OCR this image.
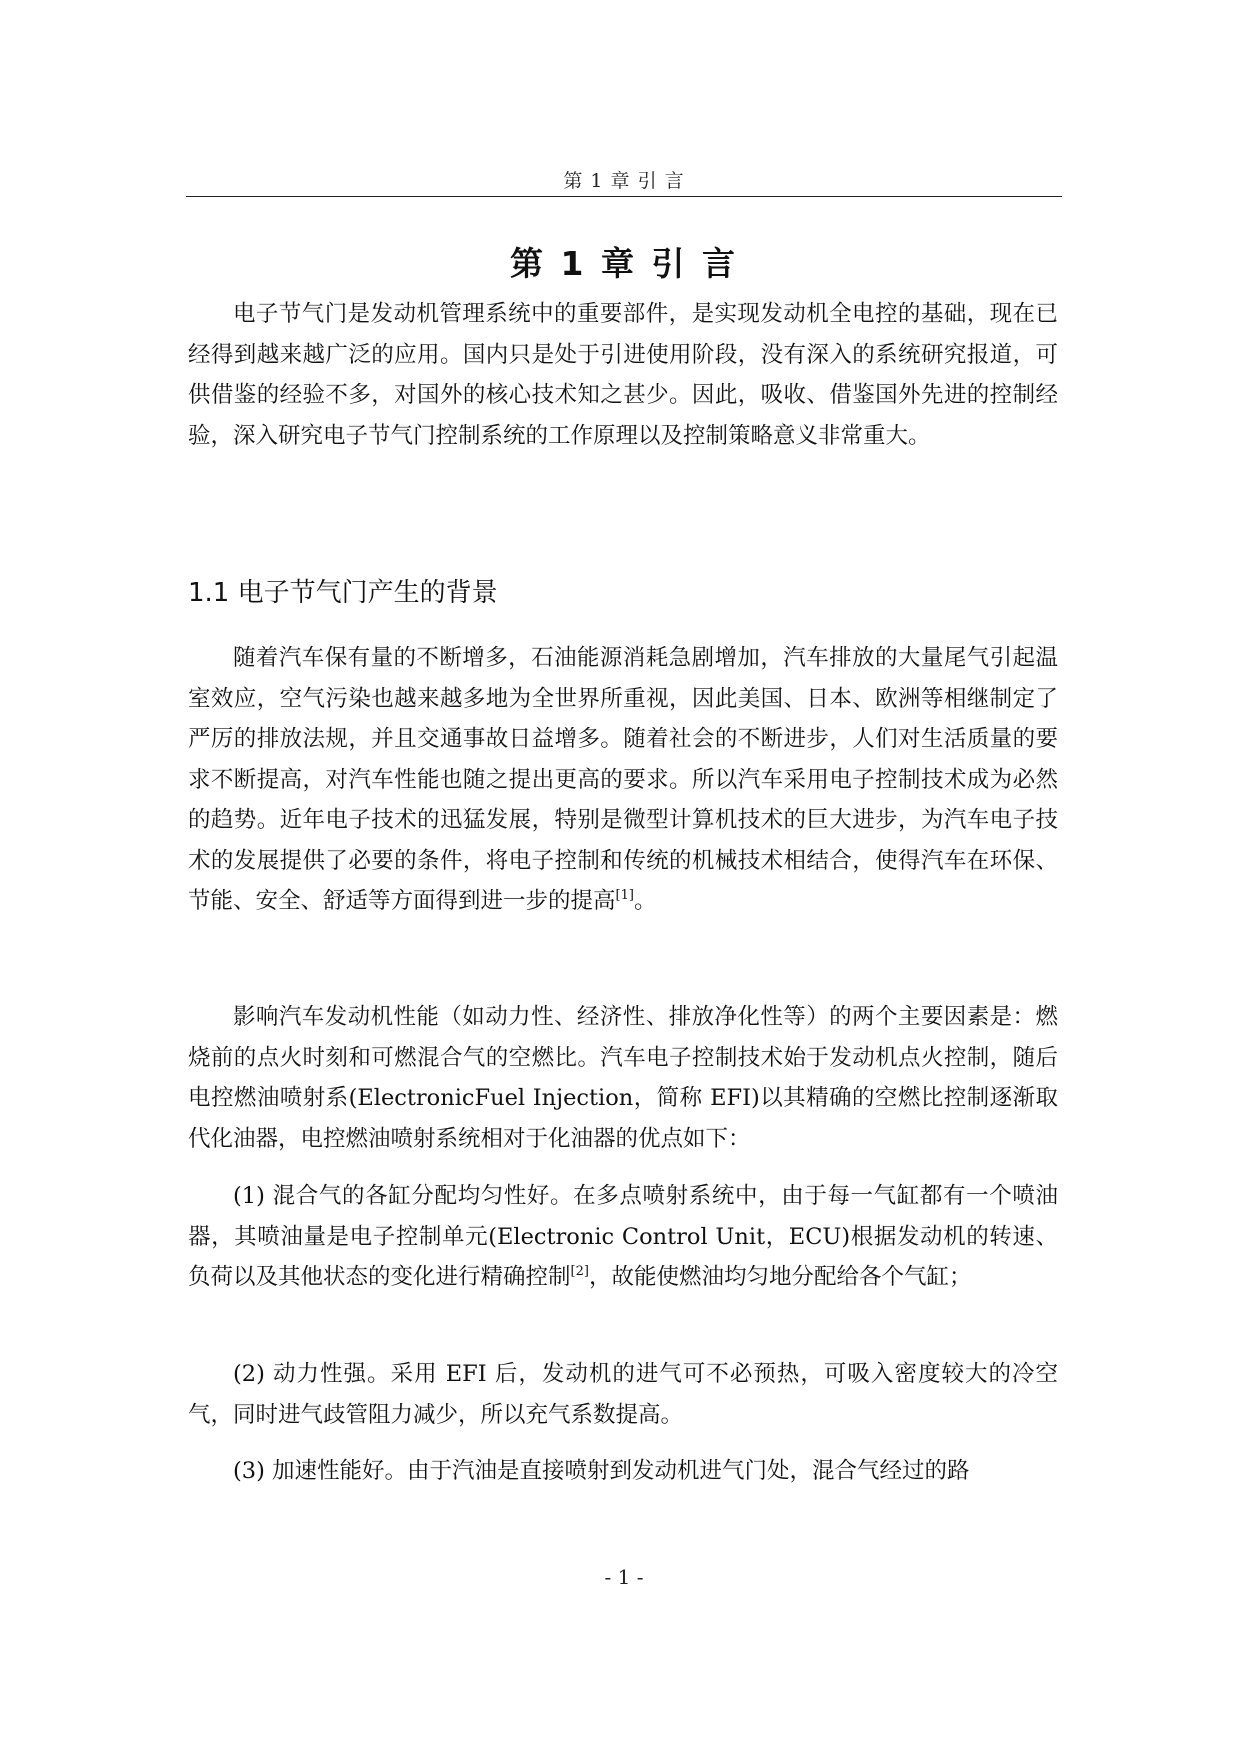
第 1 章 引 言
第 1 章 引 言

电子节气门是发动机管理系统中的重要部件，是实现发动机全电控的基础，现在已经得到越来越广泛的应用。国内只是处于引进使用阶段，没有深入的系统研究报道，可供借鉴的经验不多，对国外的核心技术知之甚少。因此，吸收、借鉴国外先进的控制经验，深入研究电子节气门控制系统的工作原理以及控制策略意义非常重大。

1.1 电子节气门产生的背景

随着汽车保有量的不断增多，石油能源消耗急剧增加，汽车排放的大量尾气引起温室效应，空气污染也越来越多地为全世界所重视，因此美国、日本、欧洲等相继制定了严厉的排放法规，并且交通事故日益增多。随着社会的不断进步，人们对生活质量的要求不断提高，对汽车性能也随之提出更高的要求。所以汽车采用电子控制技术成为必然的趋势。近年电子技术的迅猛发展，特别是微型计算机技术的巨大进步，为汽车电子技术的发展提供了必要的条件，将电子控制和传统的机械技术相结合，使得汽车在环保、节能、安全、舒适等方面得到进一步的提高[1]。

影响汽车发动机性能（如动力性、经济性、排放净化性等）的两个主要因素是：燃烧前的点火时刻和可燃混合气的空燃比。汽车电子控制技术始于发动机点火控制，随后电控燃油喷射系(ElectronicFuel Injection，简称 EFI)以其精确的空燃比控制逐渐取代化油器，电控燃油喷射系统相对于化油器的优点如下：

(1) 混合气的各缸分配均匀性好。在多点喷射系统中，由于每一气缸都有一个喷油器，其喷油量是电子控制单元(Electronic Control Unit，ECU)根据发动机的转速、负荷以及其他状态的变化进行精确控制[2]，故能使燃油均匀地分配给各个气缸；

(2) 动力性强。采用 EFI 后，发动机的进气可不必预热，可吸入密度较大的冷空气，同时进气歧管阻力减少，所以充气系数提高。

(3) 加速性能好。由于汽油是直接喷射到发动机进气门处，混合气经过的路

- 1 -
